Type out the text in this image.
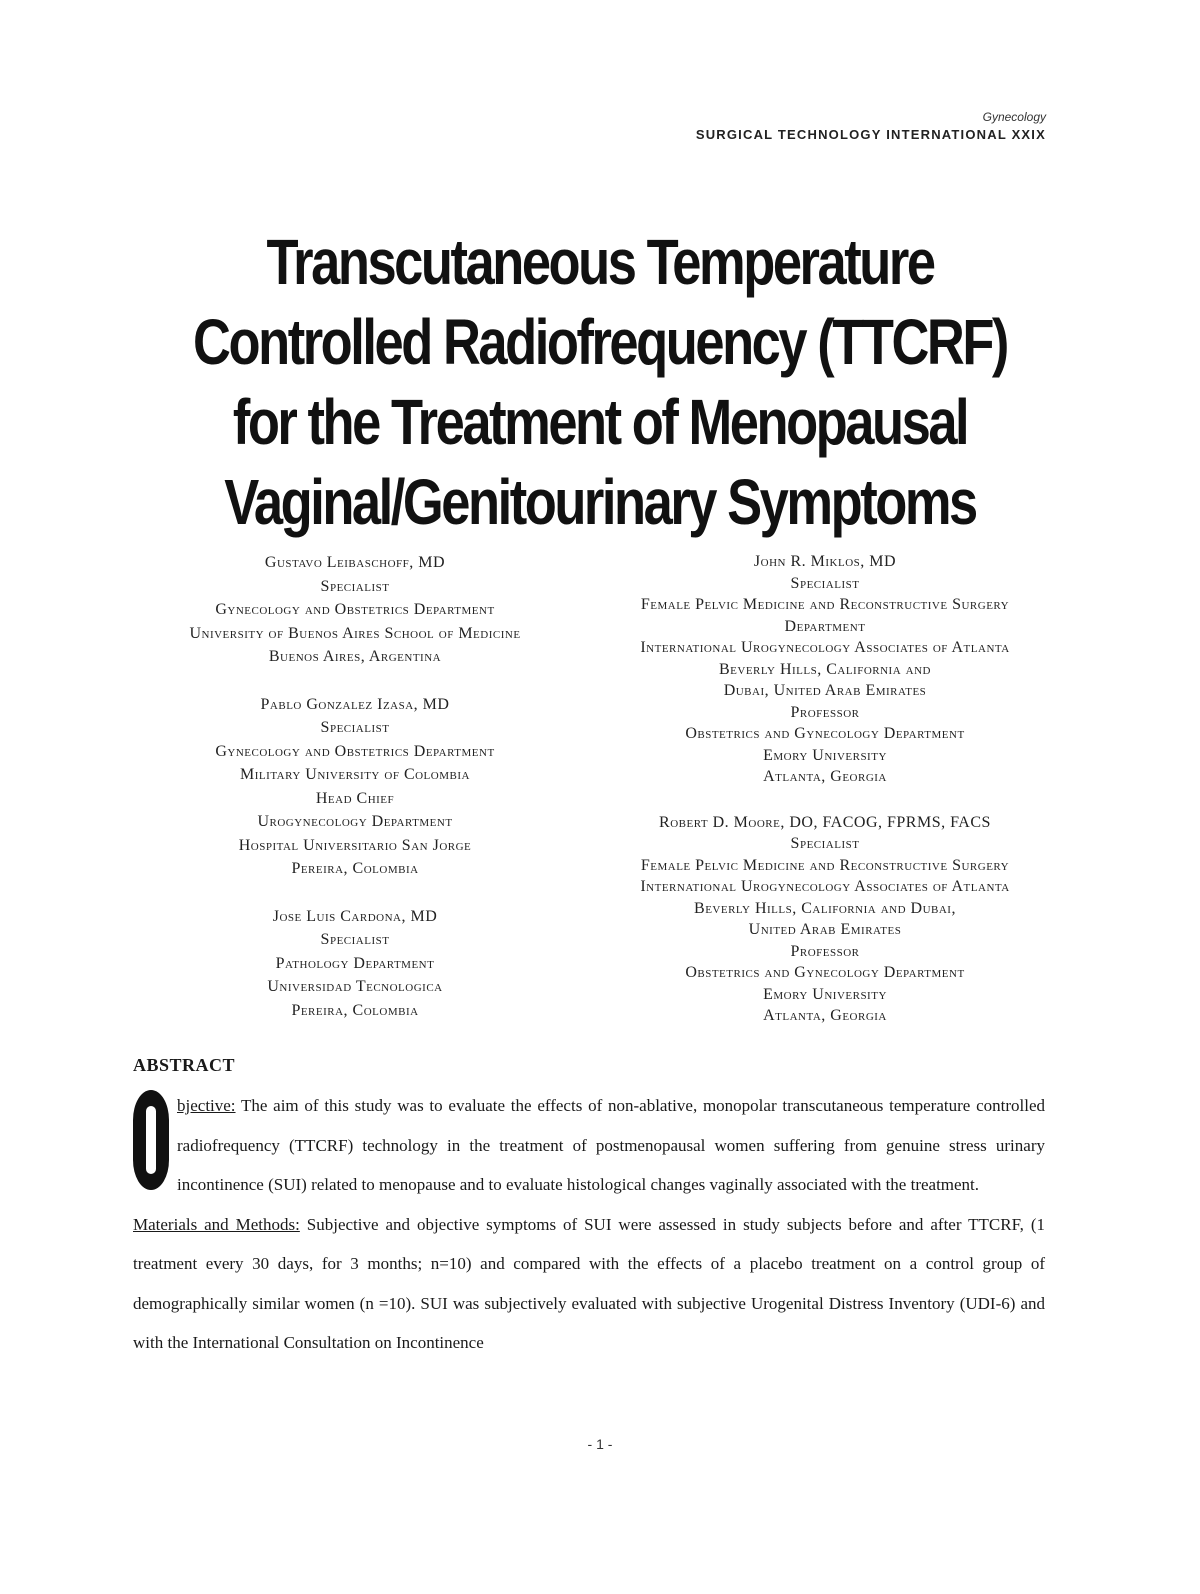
Gynecology
SURGICAL TECHNOLOGY INTERNATIONAL XXIX
Transcutaneous Temperature
Controlled Radiofrequency (TTCRF)
for the Treatment of Menopausal
Vaginal/Genitourinary Symptoms
Gustavo Leibaschoff, MD
Specialist
Gynecology and Obstetrics Department
University of Buenos Aires School of Medicine
Buenos Aires, Argentina
Pablo Gonzalez Izasa, MD
Specialist
Gynecology and Obstetrics Department
Military University of Colombia
Head Chief
Urogynecology Department
Hospital Universitario San Jorge
Pereira, Colombia
Jose Luis Cardona, MD
Specialist
Pathology Department
Universidad Tecnologica
Pereira, Colombia
John R. Miklos, MD
Specialist
Female Pelvic Medicine and Reconstructive Surgery
Department
International Urogynecology Associates of Atlanta
Beverly Hills, California and
Dubai, United Arab Emirates
Professor
Obstetrics and Gynecology Department
Emory University
Atlanta, Georgia
Robert D. Moore, DO, FACOG, FPRMS, FACS
Specialist
Female Pelvic Medicine and Reconstructive Surgery
International Urogynecology Associates of Atlanta
Beverly Hills, California and Dubai,
United Arab Emirates
Professor
Obstetrics and Gynecology Department
Emory University
Atlanta, Georgia
ABSTRACT

bjective: The aim of this study was to evaluate the effects of non-ablative, monopolar transcutaneous temperature controlled radiofrequency (TTCRF) technology in the treatment of postmenopausal women suffering from genuine stress urinary incontinence (SUI) related to menopause and to evaluate histological changes vaginally associated with the treatment.

Materials and Methods: Subjective and objective symptoms of SUI were assessed in study subjects before and after TTCRF, (1 treatment every 30 days, for 3 months; n=10) and compared with the effects of a placebo treatment on a control group of demographically similar women (n =10). SUI was subjectively evaluated with subjective Urogenital Distress Inventory (UDI-6) and with the International Consultation on Incontinence

- 1 -
